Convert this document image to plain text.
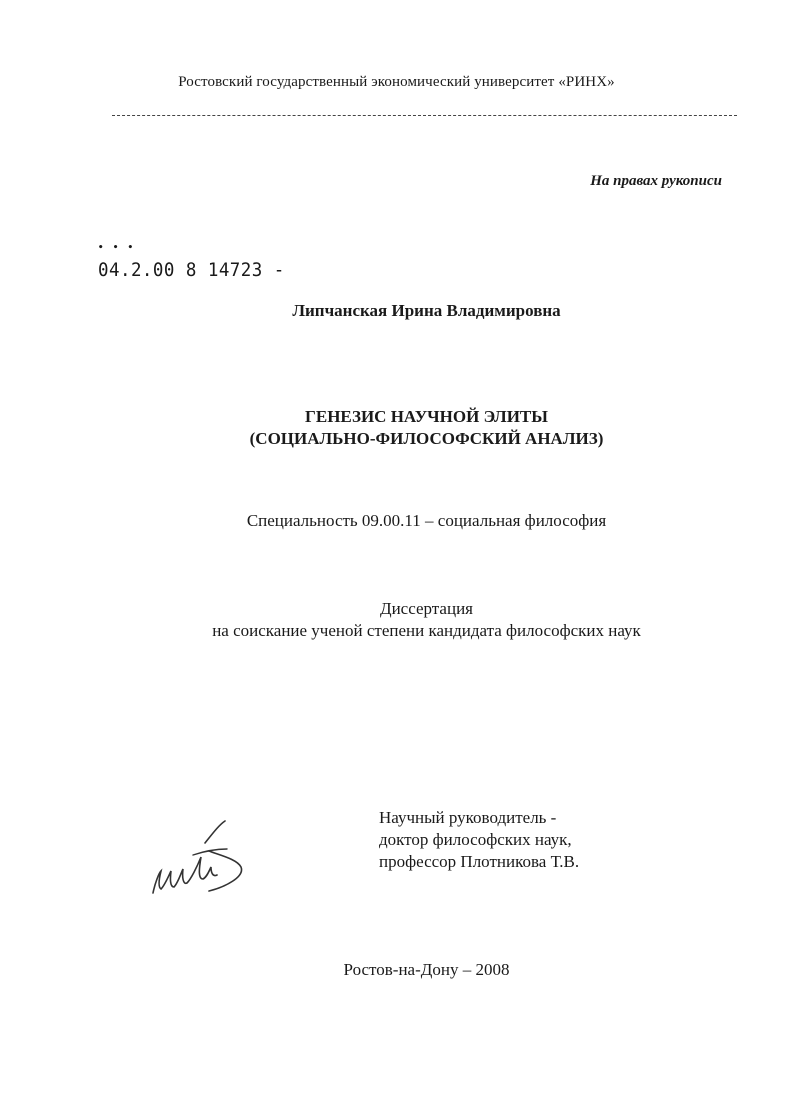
Ростовский государственный экономический университет «РИНХ»
На правах рукописи
• • •
04.2.00 8 14723 -
Липчанская Ирина Владимировна
ГЕНЕЗИС НАУЧНОЙ ЭЛИТЫ
(СОЦИАЛЬНО-ФИЛОСОФСКИЙ АНАЛИЗ)
Специальность 09.00.11 – социальная философия
Диссертация
на соискание ученой степени кандидата философских наук
Научный руководитель -
доктор философских наук,
профессор Плотникова Т.В.
Ростов-на-Дону – 2008
